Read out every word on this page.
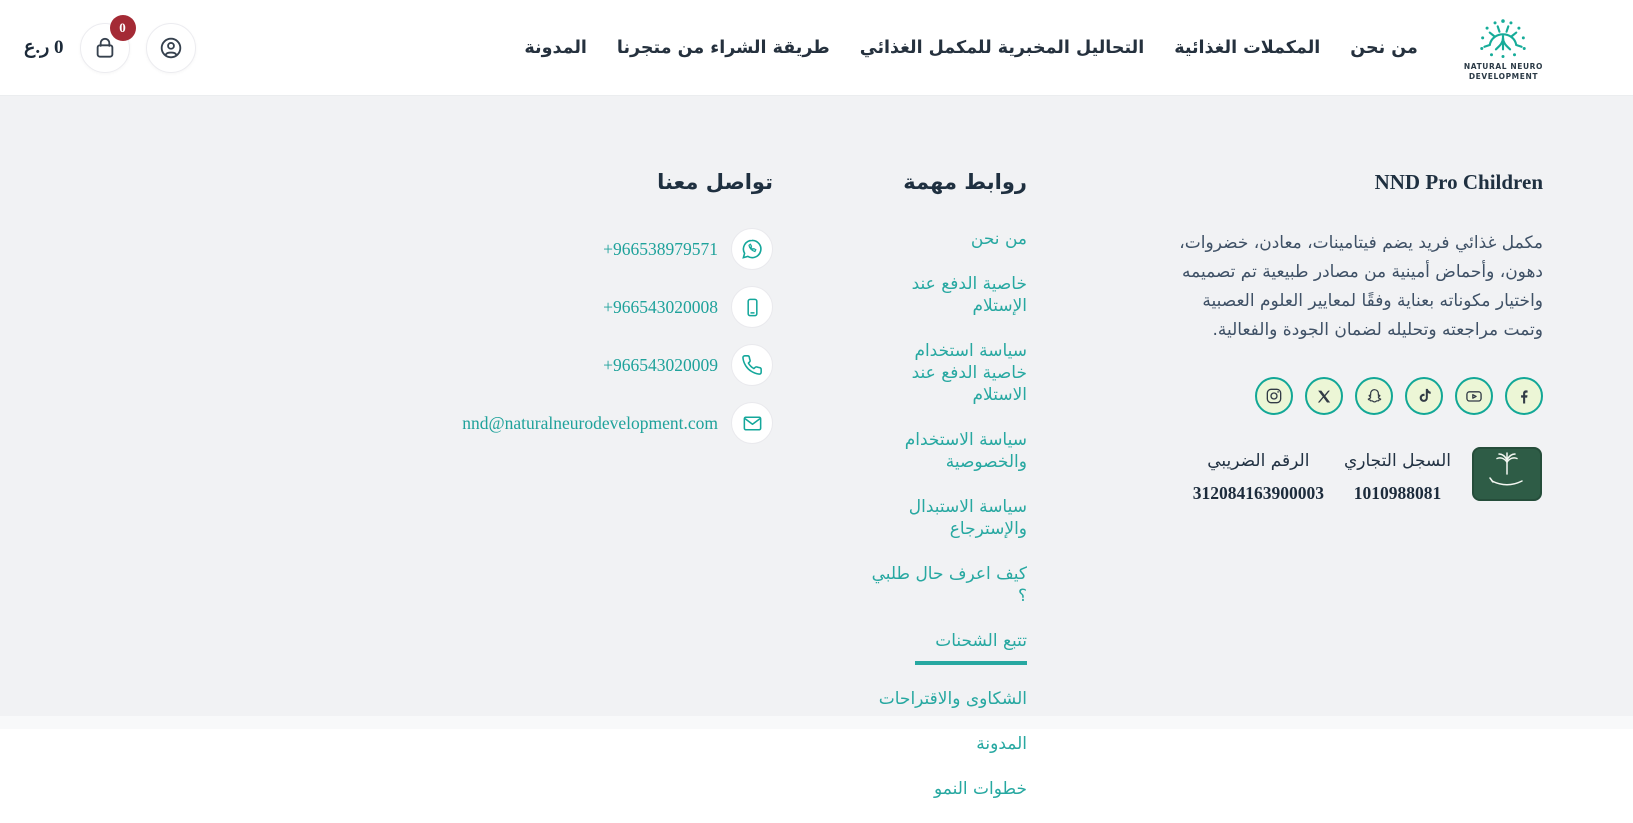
NATURAL NEURO
DEVELOPMENT
من نحن
المكملات الغذائية
التحاليل المخبرية للمكمل الغذائي
طريقة الشراء من متجرنا
المدونة
0
0 ر.ع
NND Pro Children

مكمل غذائي فريد يضم فيتامينات، معادن، خضروات، دهون، وأحماض أمينية من مصادر طبيعية تم تصميمه واختيار مكوناته بعناية وفقًا لمعايير العلوم العصبية وتمت مراجعته وتحليله لضمان الجودة والفعالية.

السجل التجاري
1010988081
الرقم الضريبي
312084163900003
روابط مهمة
من نحن
خاصية الدفع عند الإستلام
سياسة استخدام خاصية الدفع عند الاستلام
سياسة الاستخدام والخصوصية
سياسة الاستبدال والإسترجاع
كيف اعرف حال طلبي ؟
تتبع الشحنات
الشكاوى والاقتراحات
المدونة
خطوات النمو
تواصل معنا
+966538979571
+966543020008
+966543020009
nnd@naturalneurodevelopment.com
